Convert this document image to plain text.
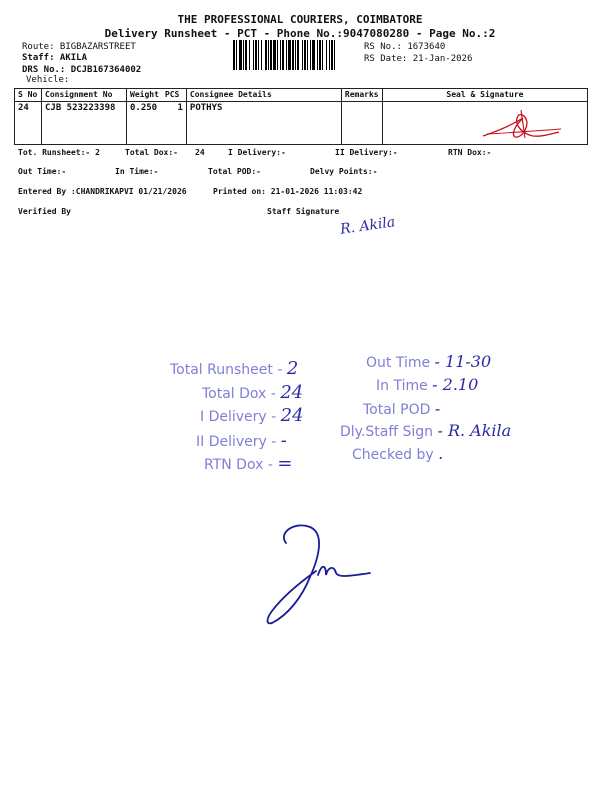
THE PROFESSIONAL COURIERS, COIMBATORE
Delivery Runsheet - PCT - Phone No.:9047080280 - Page No.:2
Route: BIGBAZARSTREET
Staff: AKILA
DRS No.: DCJB167364002
Vehicle:
RS No.: 1673640
RS Date: 21-Jan-2026
S No	Consignment No	Weight	PCS	Consignee Details	Remarks	Seal & Signature
24	CJB 523223398	0.250	1	POTHYS		
Tot. Runsheet:- 2	Total Dox:- 24	I Delivery:-	II Delivery:-	RTN Dox:-
Out Time:-	In Time:-	Total POD:-	Delvy Points:-
Entered By :CHANDRIKAPVI 01/21/2026	Printed on: 21-01-2026 11:03:42
Verified By	Staff Signature
R. Akila
Total Runsheet - 2
Total Dox - 24
I Delivery - 24
II Delivery - -
RTN Dox - =
Out Time - 11-30
In Time - 2.10
Total POD -
Dly.Staff Sign - R. Akila
Checked by .
